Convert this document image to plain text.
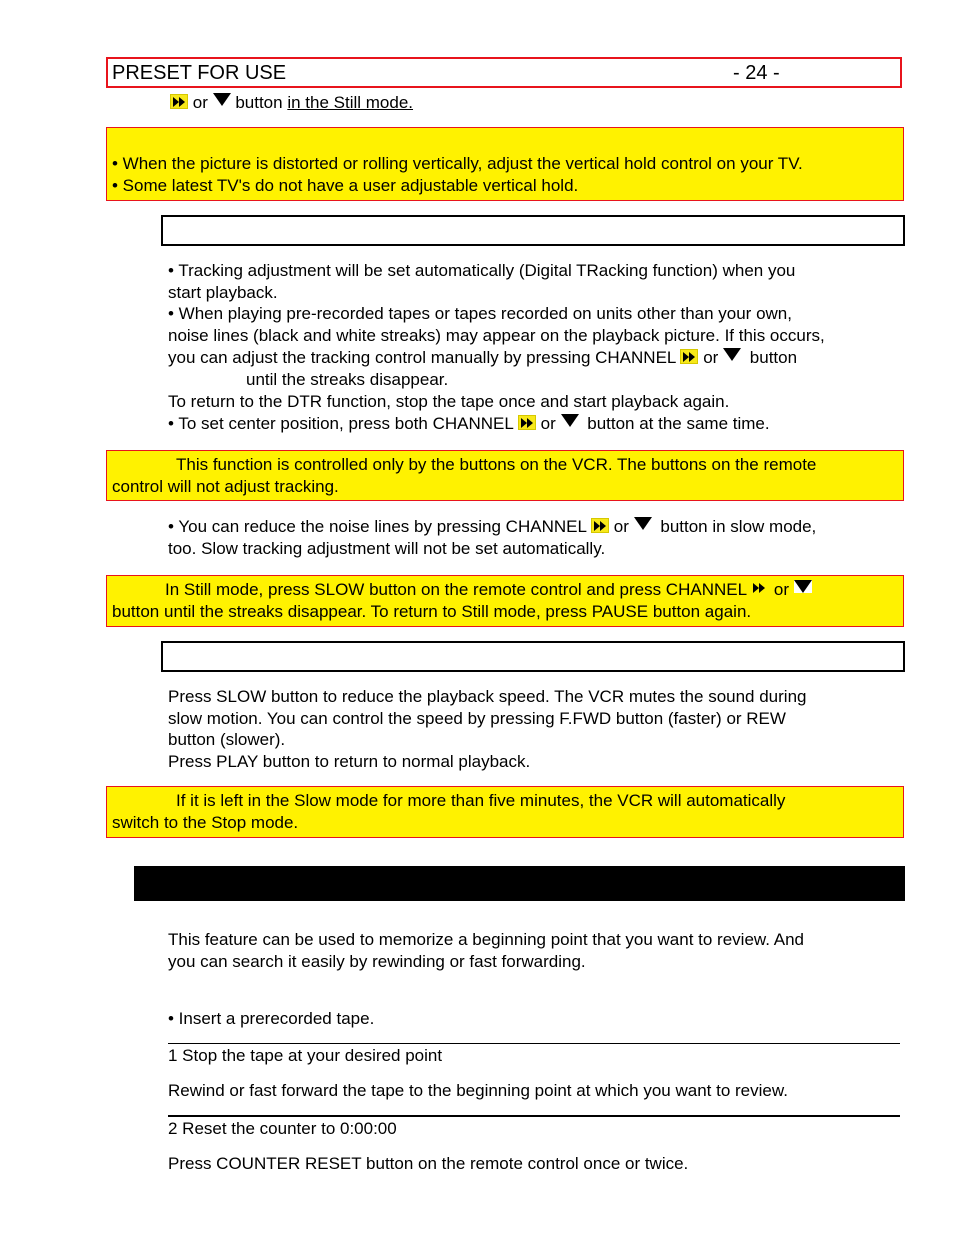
PRESET FOR USE	- 24 -
or button in the Still mode.

• When the picture is distorted or rolling vertically, adjust the vertical hold control on your TV.

• Some latest TV's do not have a user adjustable vertical hold.

• Tracking adjustment will be set automatically (Digital TRacking function) when you
start playback.
• When playing pre-recorded tapes or tapes recorded on units other than your own,
noise lines (black and white streaks) may appear on the playback picture. If this occurs,
you can adjust the tracking control manually by pressing CHANNEL or button
until the streaks disappear.
To return to the DTR function, stop the tape once and start playback again.
• To set center position, press both CHANNEL or button at the same time.

This function is controlled only by the buttons on the VCR. The buttons on the remote

control will not adjust tracking.

• You can reduce the noise lines by pressing CHANNEL or button in slow mode,
too. Slow tracking adjustment will not be set automatically.

In Still mode, press SLOW button on the remote control and press CHANNEL or

button until the streaks disappear. To return to Still mode, press PAUSE button again.

Press SLOW button to reduce the playback speed. The VCR mutes the sound during
slow motion. You can control the speed by pressing F.FWD button (faster) or REW
button (slower).
Press PLAY button to return to normal playback.

If it is left in the Slow mode for more than five minutes, the VCR will automatically

switch to the Stop mode.

This feature can be used to memorize a beginning point that you want to review. And
you can search it easily by rewinding or fast forwarding.
• Insert a prerecorded tape.
1 Stop the tape at your desired point
Rewind or fast forward the tape to the beginning point at which you want to review.
2 Reset the counter to 0:00:00
Press COUNTER RESET button on the remote control once or twice.
